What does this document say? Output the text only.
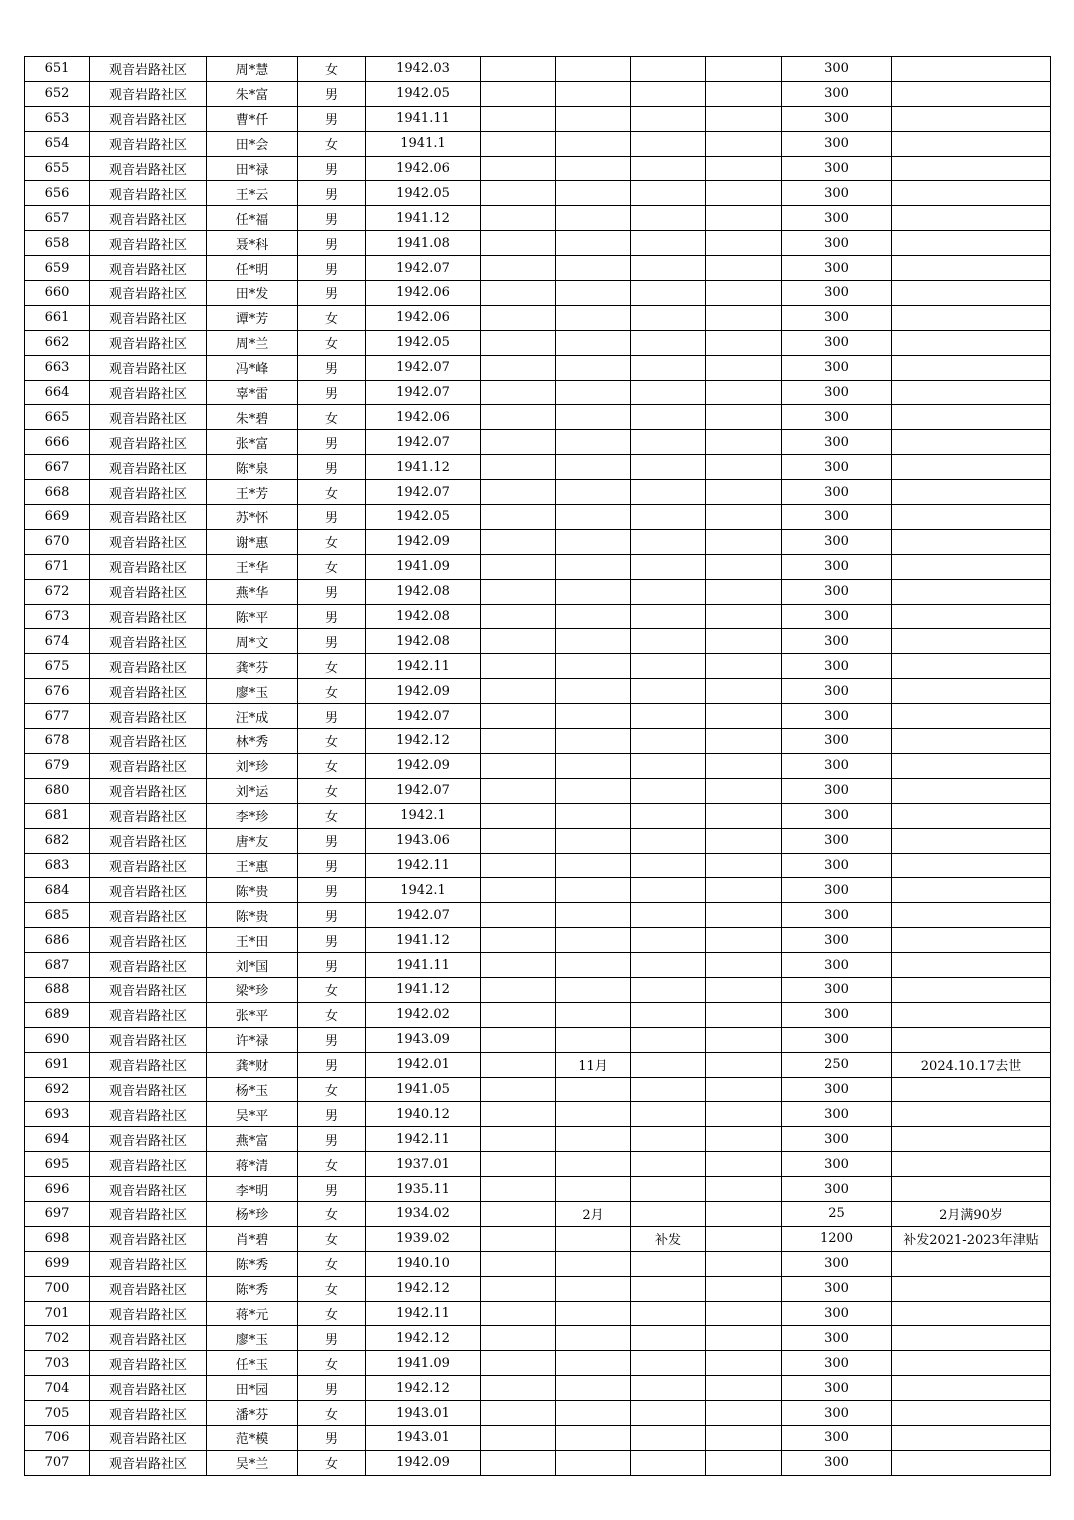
651	观音岩路社区	周*慧	女	1942.03					300	
652	观音岩路社区	朱*富	男	1942.05					300	
653	观音岩路社区	曹*仟	男	1941.11					300	
654	观音岩路社区	田*会	女	1941.1					300	
655	观音岩路社区	田*禄	男	1942.06					300	
656	观音岩路社区	王*云	男	1942.05					300	
657	观音岩路社区	任*福	男	1941.12					300	
658	观音岩路社区	聂*科	男	1941.08					300	
659	观音岩路社区	任*明	男	1942.07					300	
660	观音岩路社区	田*发	男	1942.06					300	
661	观音岩路社区	谭*芳	女	1942.06					300	
662	观音岩路社区	周*兰	女	1942.05					300	
663	观音岩路社区	冯*峰	男	1942.07					300	
664	观音岩路社区	辜*雷	男	1942.07					300	
665	观音岩路社区	朱*碧	女	1942.06					300	
666	观音岩路社区	张*富	男	1942.07					300	
667	观音岩路社区	陈*泉	男	1941.12					300	
668	观音岩路社区	王*芳	女	1942.07					300	
669	观音岩路社区	苏*怀	男	1942.05					300	
670	观音岩路社区	谢*惠	女	1942.09					300	
671	观音岩路社区	王*华	女	1941.09					300	
672	观音岩路社区	燕*华	男	1942.08					300	
673	观音岩路社区	陈*平	男	1942.08					300	
674	观音岩路社区	周*文	男	1942.08					300	
675	观音岩路社区	龚*芬	女	1942.11					300	
676	观音岩路社区	廖*玉	女	1942.09					300	
677	观音岩路社区	汪*成	男	1942.07					300	
678	观音岩路社区	林*秀	女	1942.12					300	
679	观音岩路社区	刘*珍	女	1942.09					300	
680	观音岩路社区	刘*运	女	1942.07					300	
681	观音岩路社区	李*珍	女	1942.1					300	
682	观音岩路社区	唐*友	男	1943.06					300	
683	观音岩路社区	王*惠	男	1942.11					300	
684	观音岩路社区	陈*贵	男	1942.1					300	
685	观音岩路社区	陈*贵	男	1942.07					300	
686	观音岩路社区	王*田	男	1941.12					300	
687	观音岩路社区	刘*国	男	1941.11					300	
688	观音岩路社区	梁*珍	女	1941.12					300	
689	观音岩路社区	张*平	女	1942.02					300	
690	观音岩路社区	许*禄	男	1943.09					300	
691	观音岩路社区	龚*财	男	1942.01		11月			250	2024.10.17去世
692	观音岩路社区	杨*玉	女	1941.05					300	
693	观音岩路社区	吴*平	男	1940.12					300	
694	观音岩路社区	燕*富	男	1942.11					300	
695	观音岩路社区	蒋*清	女	1937.01					300	
696	观音岩路社区	李*明	男	1935.11					300	
697	观音岩路社区	杨*珍	女	1934.02		2月			25	2月满90岁
698	观音岩路社区	肖*碧	女	1939.02			补发		1200	补发2021-2023年津贴
699	观音岩路社区	陈*秀	女	1940.10					300	
700	观音岩路社区	陈*秀	女	1942.12					300	
701	观音岩路社区	蒋*元	女	1942.11					300	
702	观音岩路社区	廖*玉	男	1942.12					300	
703	观音岩路社区	任*玉	女	1941.09					300	
704	观音岩路社区	田*园	男	1942.12					300	
705	观音岩路社区	潘*芬	女	1943.01					300	
706	观音岩路社区	范*模	男	1943.01					300	
707	观音岩路社区	吴*兰	女	1942.09					300	
